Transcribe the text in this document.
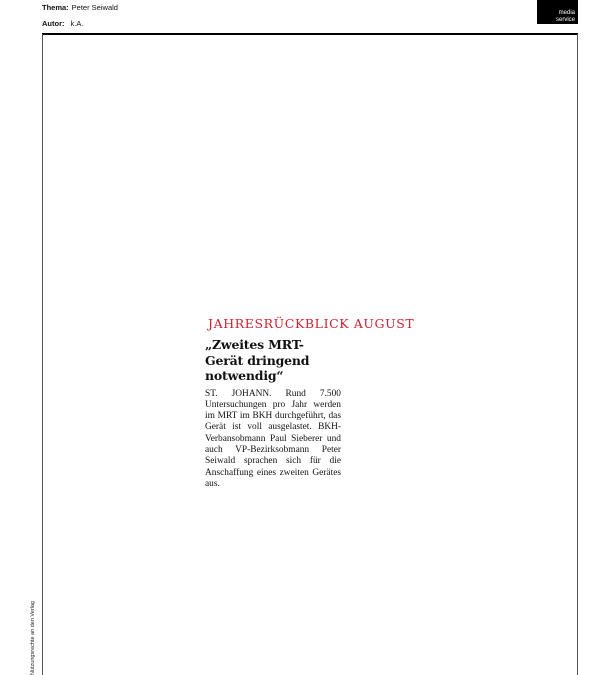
Thema: Peter Seiwald
Autor: k.A.
media
service
Nutzungsrechte an den Verlag
JAHRESRÜCKBLICK AUGUST
„Zweites MRT-Gerät dringend notwendig“
ST. JOHANN. Rund 7.500 Untersuchungen pro Jahr werden im MRT im BKH durchgeführt, das Gerät ist voll ausgelastet. BKH-Verbansobmann Paul Sieberer und auch VP-Bezirksobmann Peter Seiwald sprachen sich für die Anschaffung eines zweiten Gerätes aus.
